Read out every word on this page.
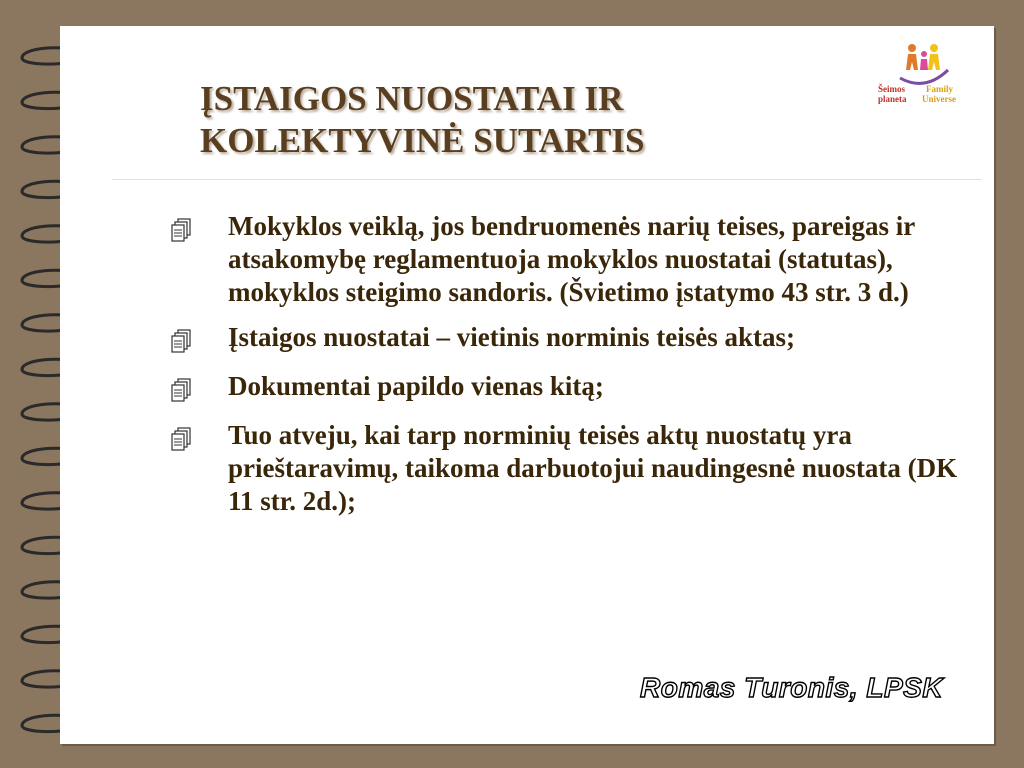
Šeimos
planeta
Family
Universe
ĮSTAIGOS NUOSTATAI IR
KOLEKTYVINĖ SUTARTIS
Mokyklos veiklą, jos bendruomenės narių teises, pareigas ir atsakomybę reglamentuoja mokyklos nuostatai (statutas), mokyklos steigimo sandoris. (Švietimo įstatymo 43 str. 3 d.)
Įstaigos nuostatai – vietinis norminis teisės aktas;
Dokumentai papildo vienas kitą;
Tuo atveju, kai tarp norminių teisės aktų nuostatų yra prieštaravimų, taikoma darbuotojui naudingesnė nuostata (DK 11 str. 2d.);
Romas Turonis, LPSK
